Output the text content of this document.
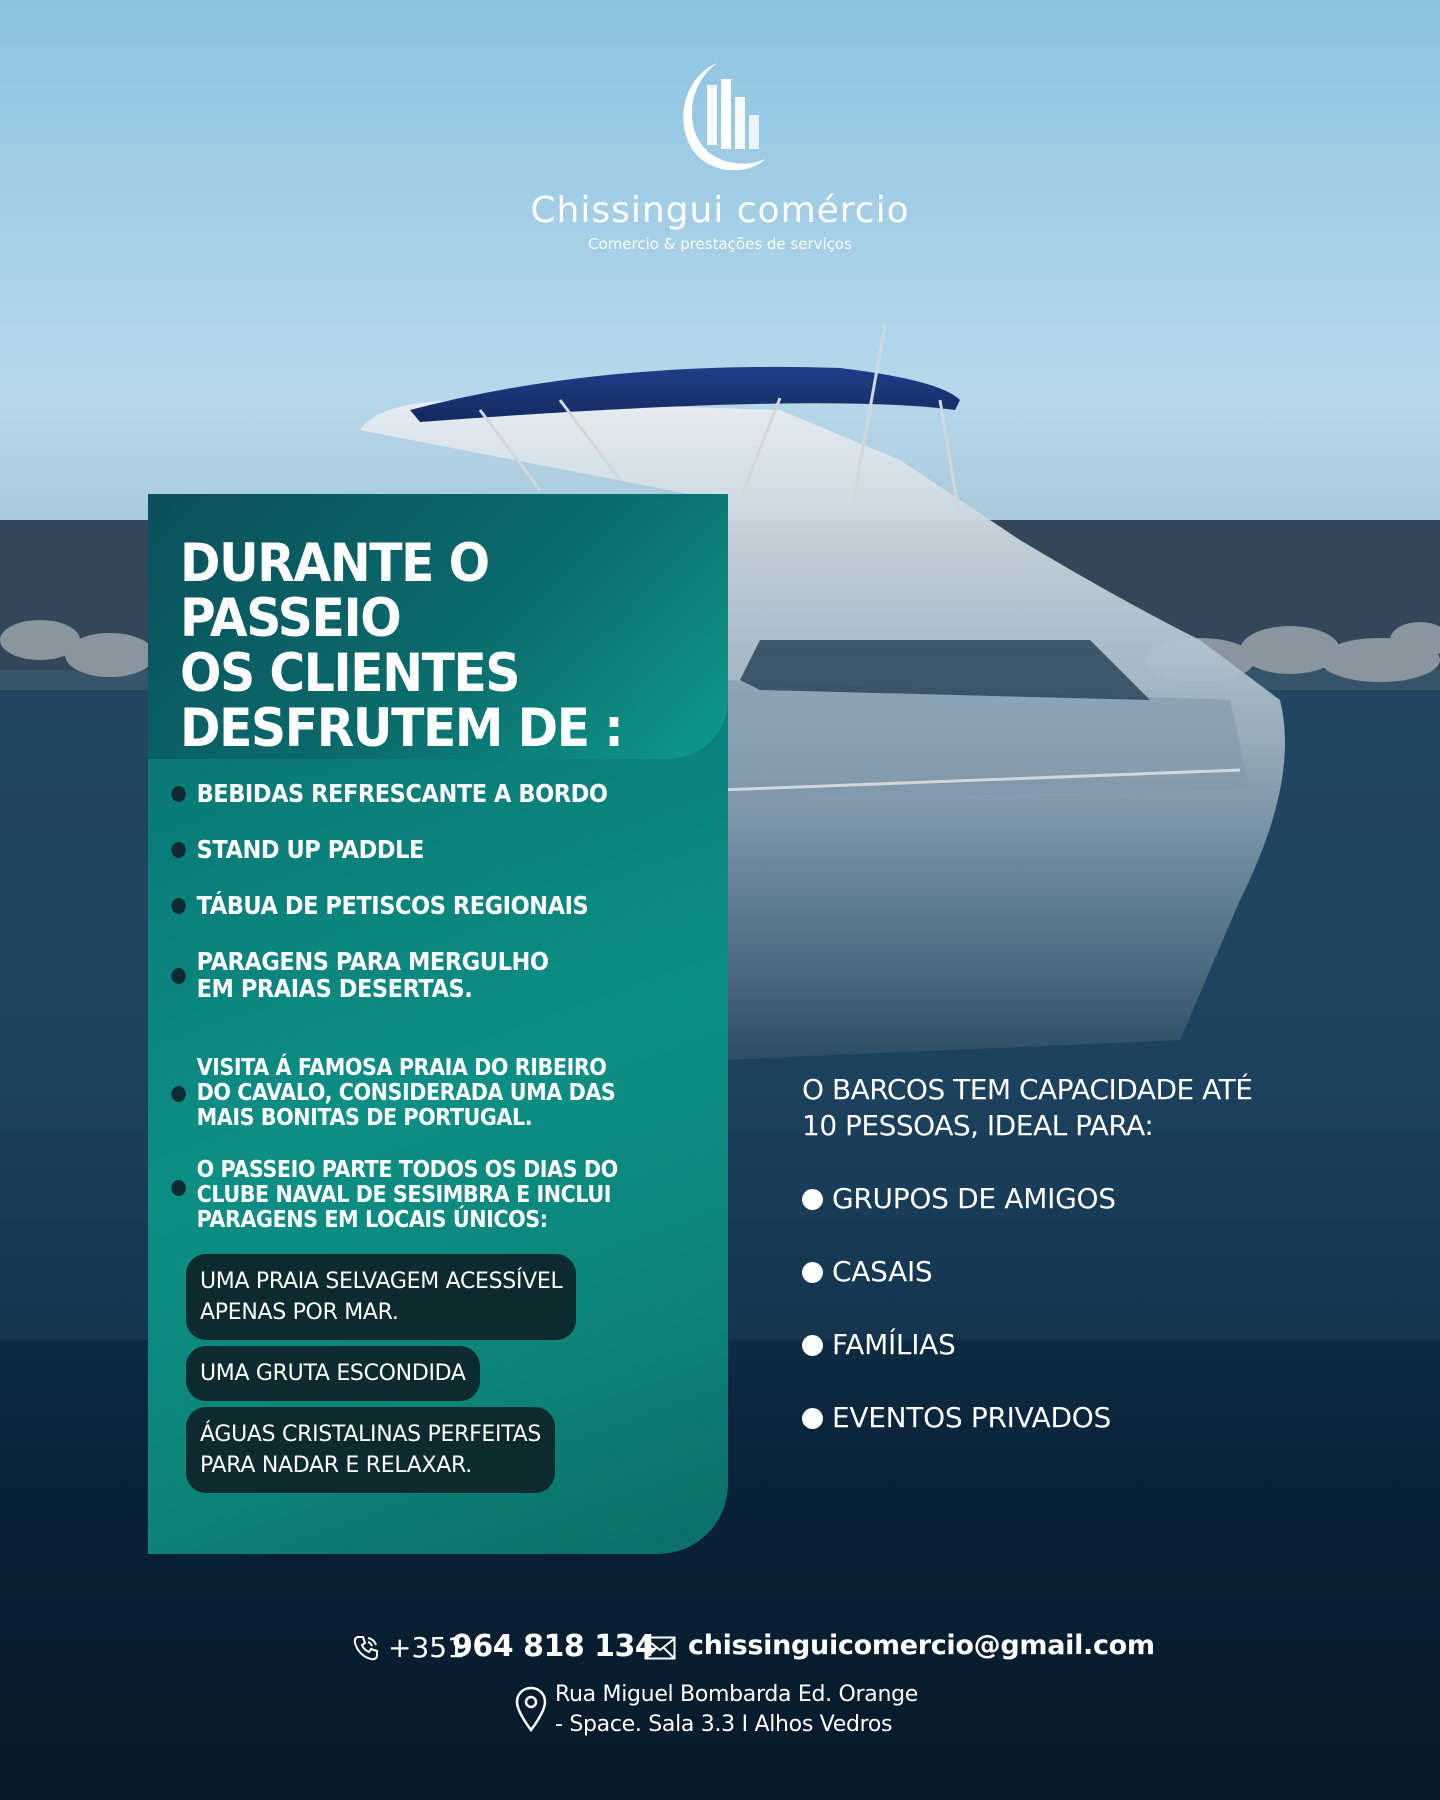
Chissingui comércio
Comercio & prestações de serviços
DURANTE O PASSEIO
OS CLIENTES
DESFRUTEM DE :
BEBIDAS REFRESCANTE A BORDO
STAND UP PADDLE
TÁBUA DE PETISCOS REGIONAIS
PARAGENS PARA MERGULHO
EM PRAIAS DESERTAS.
VISITA Á FAMOSA PRAIA DO RIBEIRO
DO CAVALO, CONSIDERADA UMA DAS
MAIS BONITAS DE PORTUGAL.
O PASSEIO PARTE TODOS OS DIAS DO
CLUBE NAVAL DE SESIMBRA E INCLUI
PARAGENS EM LOCAIS ÚNICOS:
UMA PRAIA SELVAGEM ACESSÍVEL
APENAS POR MAR.
UMA GRUTA ESCONDIDA
ÁGUAS CRISTALINAS PERFEITAS
PARA NADAR E RELAXAR.
O BARCOS TEM CAPACIDADE ATÉ
10 PESSOAS, IDEAL PARA:
GRUPOS DE AMIGOS
CASAIS
FAMÍLIAS
EVENTOS PRIVADOS
+351
964 818 134 chissinguicomercio@gmail.com
Rua Miguel Bombarda Ed. Orange
- Space. Sala 3.3 I Alhos Vedros
